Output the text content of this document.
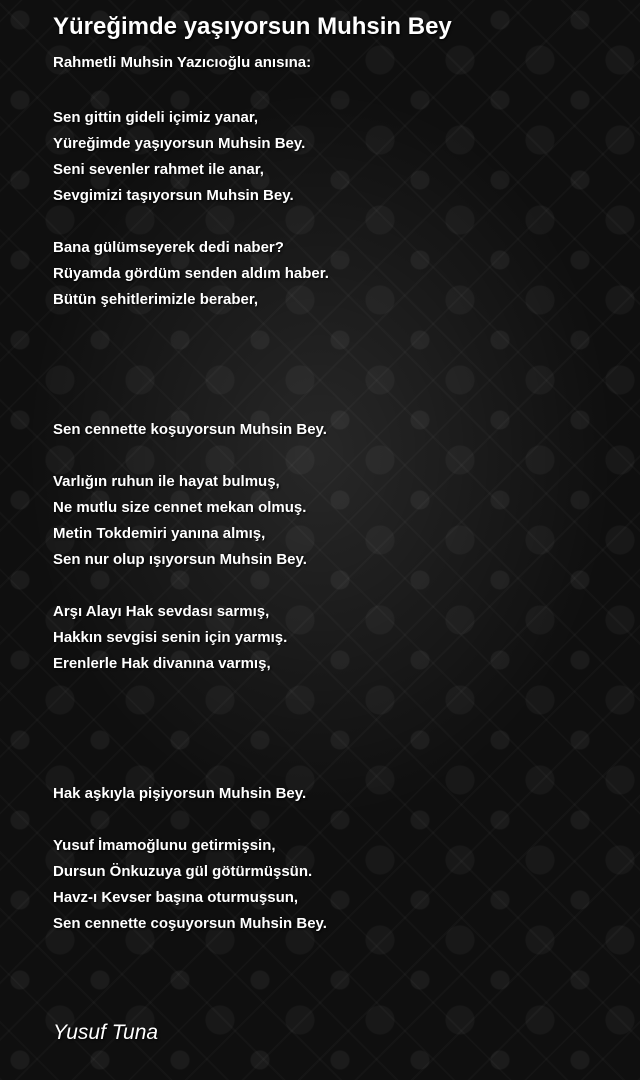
Yüreğimde yaşıyorsun Muhsin Bey
Rahmetli Muhsin Yazıcıoğlu anısına:
Sen gittin gideli içimiz yanar,
Yüreğimde yaşıyorsun Muhsin Bey.
Seni sevenler rahmet ile anar,
Sevgimizi taşıyorsun Muhsin Bey.
Bana gülümseyerek dedi naber?
Rüyamda gördüm senden aldım haber.
Bütün şehitlerimizle beraber,
Sen cennette koşuyorsun Muhsin Bey.
Varlığın ruhun ile hayat bulmuş,
Ne mutlu size cennet mekan olmuş.
Metin Tokdemiri yanına almış,
Sen nur olup ışıyorsun Muhsin Bey.
Arşı Alayı Hak sevdası sarmış,
Hakkın sevgisi senin için yarmış.
Erenlerle Hak divanına varmış,
Hak aşkıyla pişiyorsun Muhsin Bey.
Yusuf İmamoğlunu getirmişsin,
Dursun Önkuzuya gül götürmüşsün.
Havz-ı Kevser başına oturmuşsun,
Sen cennette coşuyorsun Muhsin Bey.
Yusuf Tuna
